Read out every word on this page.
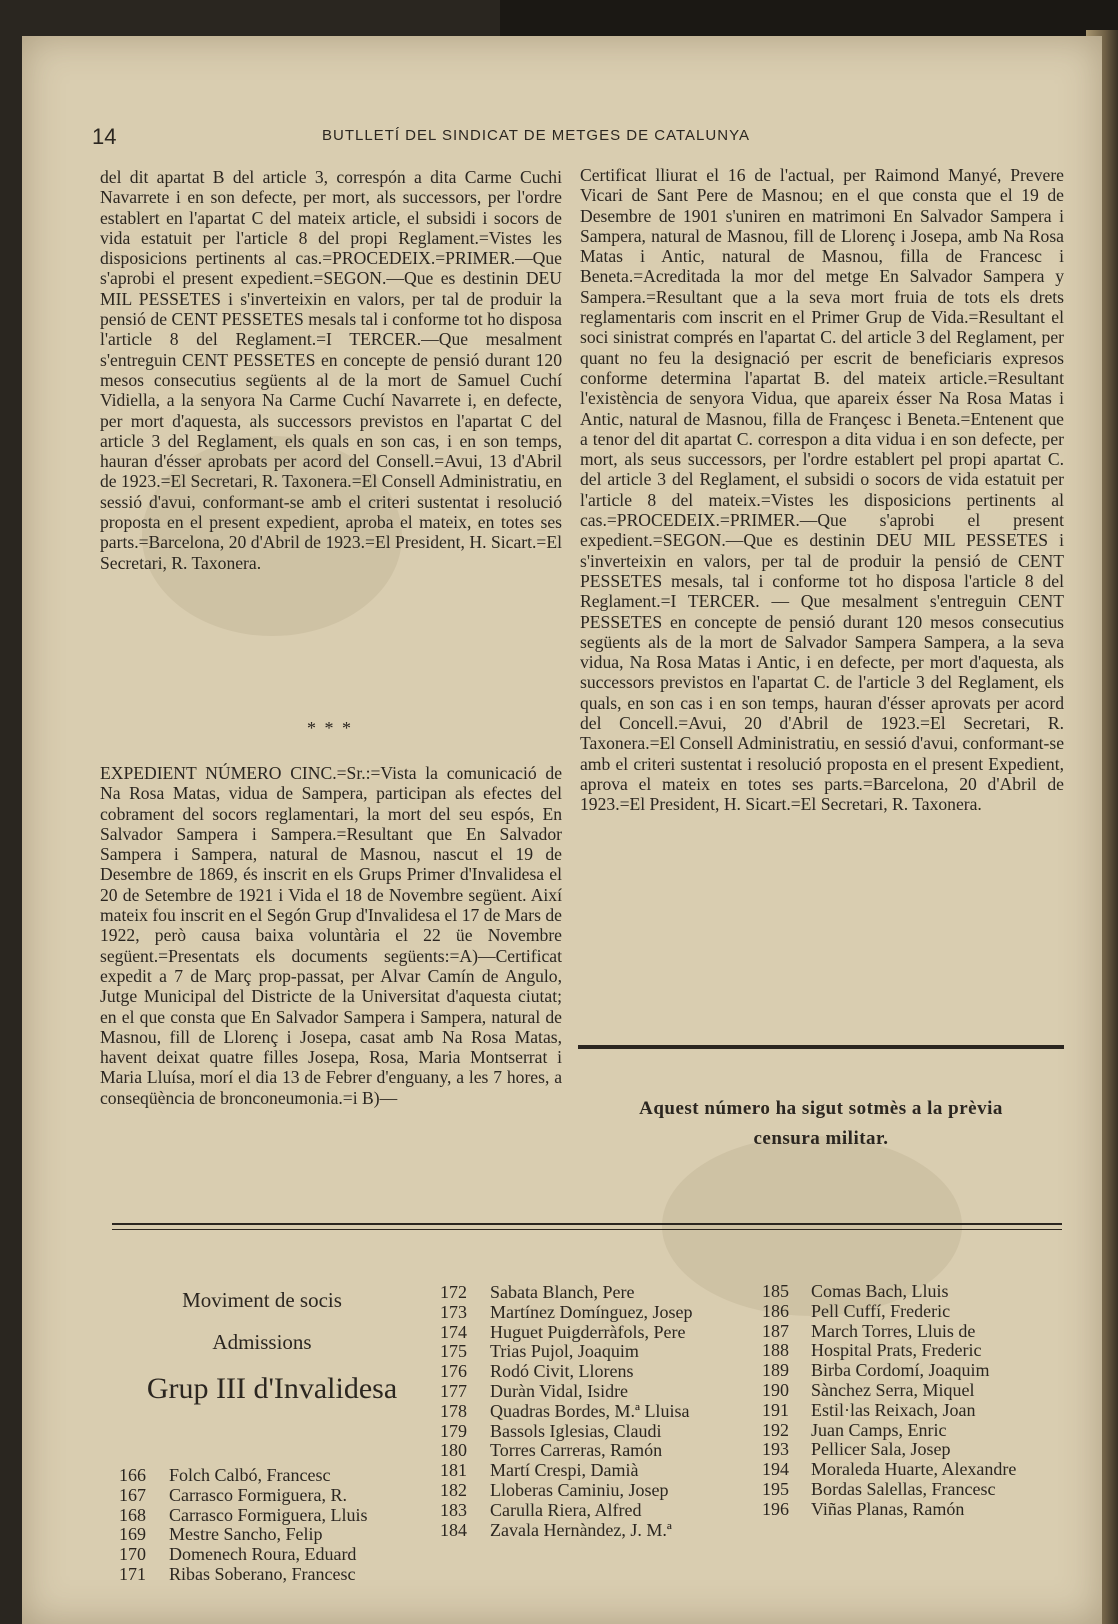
14	BUTLLETÍ DEL SINDICAT DE METGES DE CATALUNYA

del dit apartat B del article 3, correspón a dita Carme Cuchi Navarrete i en son defecte, per mort, als successors, per l'ordre establert en l'apartat C del mateix article, el subsidi i socors de vida estatuit per l'article 8 del propi Reglament.=Vistes les disposicions pertinents al cas.=PROCEDEIX.=PRIMER.—Que s'aprobi el present expedient.=SEGON.—Que es destinin DEU MIL PESSETES i s'inverteixin en valors, per tal de produir la pensió de CENT PESSETES mesals tal i conforme tot ho disposa l'article 8 del Reglament.=I TERCER.—Que mesalment s'entreguin CENT PESSETES en concepte de pensió durant 120 mesos consecutius següents al de la mort de Samuel Cuchí Vidiella, a la senyora Na Carme Cuchí Navarrete i, en defecte, per mort d'aquesta, als successors previstos en l'apartat C del article 3 del Reglament, els quals en son cas, i en son temps, hauran d'ésser aprobats per acord del Consell.=Avui, 13 d'Abril de 1923.=El Secretari, R. Taxonera.=El Consell Administratiu, en sessió d'avui, conformant-se amb el criteri sustentat i resolució proposta en el present expedient, aproba el mateix, en totes ses parts.=Barcelona, 20 d'Abril de 1923.=El President, H. Sicart.=El Secretari, R. Taxonera.

* * *

EXPEDIENT NÚMERO CINC.=Sr.:=Vista la comunicació de Na Rosa Matas, vidua de Sampera, participan als efectes del cobrament del socors reglamentari, la mort del seu espós, En Salvador Sampera i Sampera.=Resultant que En Salvador Sampera i Sampera, natural de Masnou, nascut el 19 de Desembre de 1869, és inscrit en els Grups Primer d'Invalidesa el 20 de Setembre de 1921 i Vida el 18 de Novembre següent. Així mateix fou inscrit en el Segón Grup d'Invalidesa el 17 de Mars de 1922, però causa baixa voluntària el 22 üe Novembre següent.=Presentats els documents següents:=A)—Certificat expedit a 7 de Març prop-passat, per Alvar Camín de Angulo, Jutge Municipal del Districte de la Universitat d'aquesta ciutat; en el que consta que En Salvador Sampera i Sampera, natural de Masnou, fill de Llorenç i Josepa, casat amb Na Rosa Matas, havent deixat quatre filles Josepa, Rosa, Maria Montserrat i Maria Lluísa, morí el dia 13 de Febrer d'enguany, a les 7 hores, a conseqüència de bronconeumonia.=i B)—

Certificat lliurat el 16 de l'actual, per Raimond Manyé, Prevere Vicari de Sant Pere de Masnou; en el que consta que el 19 de Desembre de 1901 s'uniren en matrimoni En Salvador Sampera i Sampera, natural de Masnou, fill de Llorenç i Josepa, amb Na Rosa Matas i Antic, natural de Masnou, filla de Francesc i Beneta.=Acreditada la mor del metge En Salvador Sampera y Sampera.=Resultant que a la seva mort fruia de tots els drets reglamentaris com inscrit en el Primer Grup de Vida.=Resultant el soci sinistrat comprés en l'apartat C. del article 3 del Reglament, per quant no feu la designació per escrit de beneficiaris expresos conforme determina l'apartat B. del mateix article.=Resultant l'existència de senyora Vidua, que apareix ésser Na Rosa Matas i Antic, natural de Masnou, filla de Françesc i Beneta.=Entenent que a tenor del dit apartat C. correspon a dita vidua i en son defecte, per mort, als seus successors, per l'ordre establert pel propi apartat C. del article 3 del Reglament, el subsidi o socors de vida estatuit per l'article 8 del mateix.=Vistes les disposicions pertinents al cas.=PROCEDEIX.=PRIMER.—Que s'aprobi el present expedient.=SEGON.—Que es destinin DEU MIL PESSETES i s'inverteixin en valors, per tal de produir la pensió de CENT PESSETES mesals, tal i conforme tot ho disposa l'article 8 del Reglament.=I TERCER. — Que mesalment s'entreguin CENT PESSETES en concepte de pensió durant 120 mesos consecutius següents als de la mort de Salvador Sampera Sampera, a la seva vidua, Na Rosa Matas i Antic, i en defecte, per mort d'aquesta, als successors previstos en l'apartat C. de l'article 3 del Reglament, els quals, en son cas i en son temps, hauran d'ésser aprovats per acord del Concell.=Avui, 20 d'Abril de 1923.=El Secretari, R. Taxonera.=El Consell Administratiu, en sessió d'avui, conformant-se amb el criteri sustentat i resolució proposta en el present Expedient, aprova el mateix en totes ses parts.=Barcelona, 20 d'Abril de 1923.=El President, H. Sicart.=El Secretari, R. Taxonera.

Aquest número ha sigut sotmès a la prèvia
censura militar.
Moviment de socis
Admissions
Grup III d'Invalidesa
166	Folch Calbó, Francesc
167	Carrasco Formiguera, R.
168	Carrasco Formiguera, Lluis
169	Mestre Sancho, Felip
170	Domenech Roura, Eduard
171	Ribas Soberano, Francesc
172	Sabata Blanch, Pere
173	Martínez Domínguez, Josep
174	Huguet Puigderràfols, Pere
175	Trias Pujol, Joaquim
176	Rodó Civit, Llorens
177	Duràn Vidal, Isidre
178	Quadras Bordes, M.ª Lluisa
179	Bassols Iglesias, Claudi
180	Torres Carreras, Ramón
181	Martí Crespi, Damià
182	Lloberas Caminiu, Josep
183	Carulla Riera, Alfred
184	Zavala Hernàndez, J. M.ª
185	Comas Bach, Lluis
186	Pell Cuffí, Frederic
187	March Torres, Lluis de
188	Hospital Prats, Frederic
189	Birba Cordomí, Joaquim
190	Sànchez Serra, Miquel
191	Estil·las Reixach, Joan
192	Juan Camps, Enric
193	Pellicer Sala, Josep
194	Moraleda Huarte, Alexandre
195	Bordas Salellas, Francesc
196	Viñas Planas, Ramón
